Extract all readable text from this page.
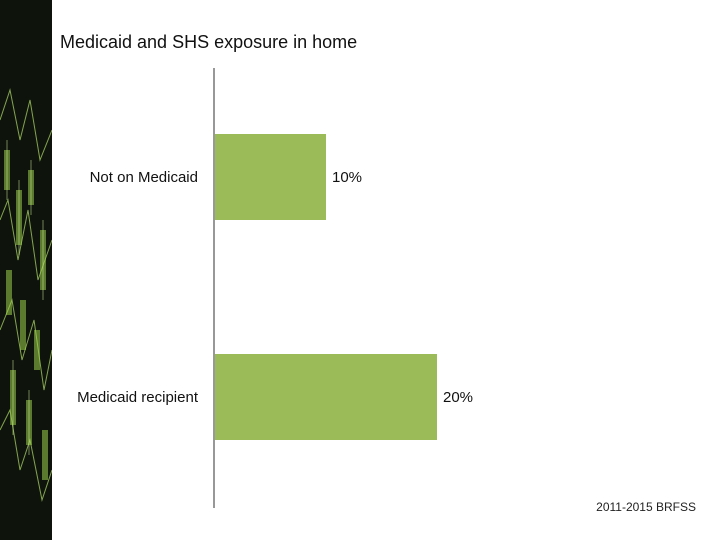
Medicaid and SHS exposure in home
Not on Medicaid	10%
Medicaid recipient	20%
2011-2015 BRFSS
